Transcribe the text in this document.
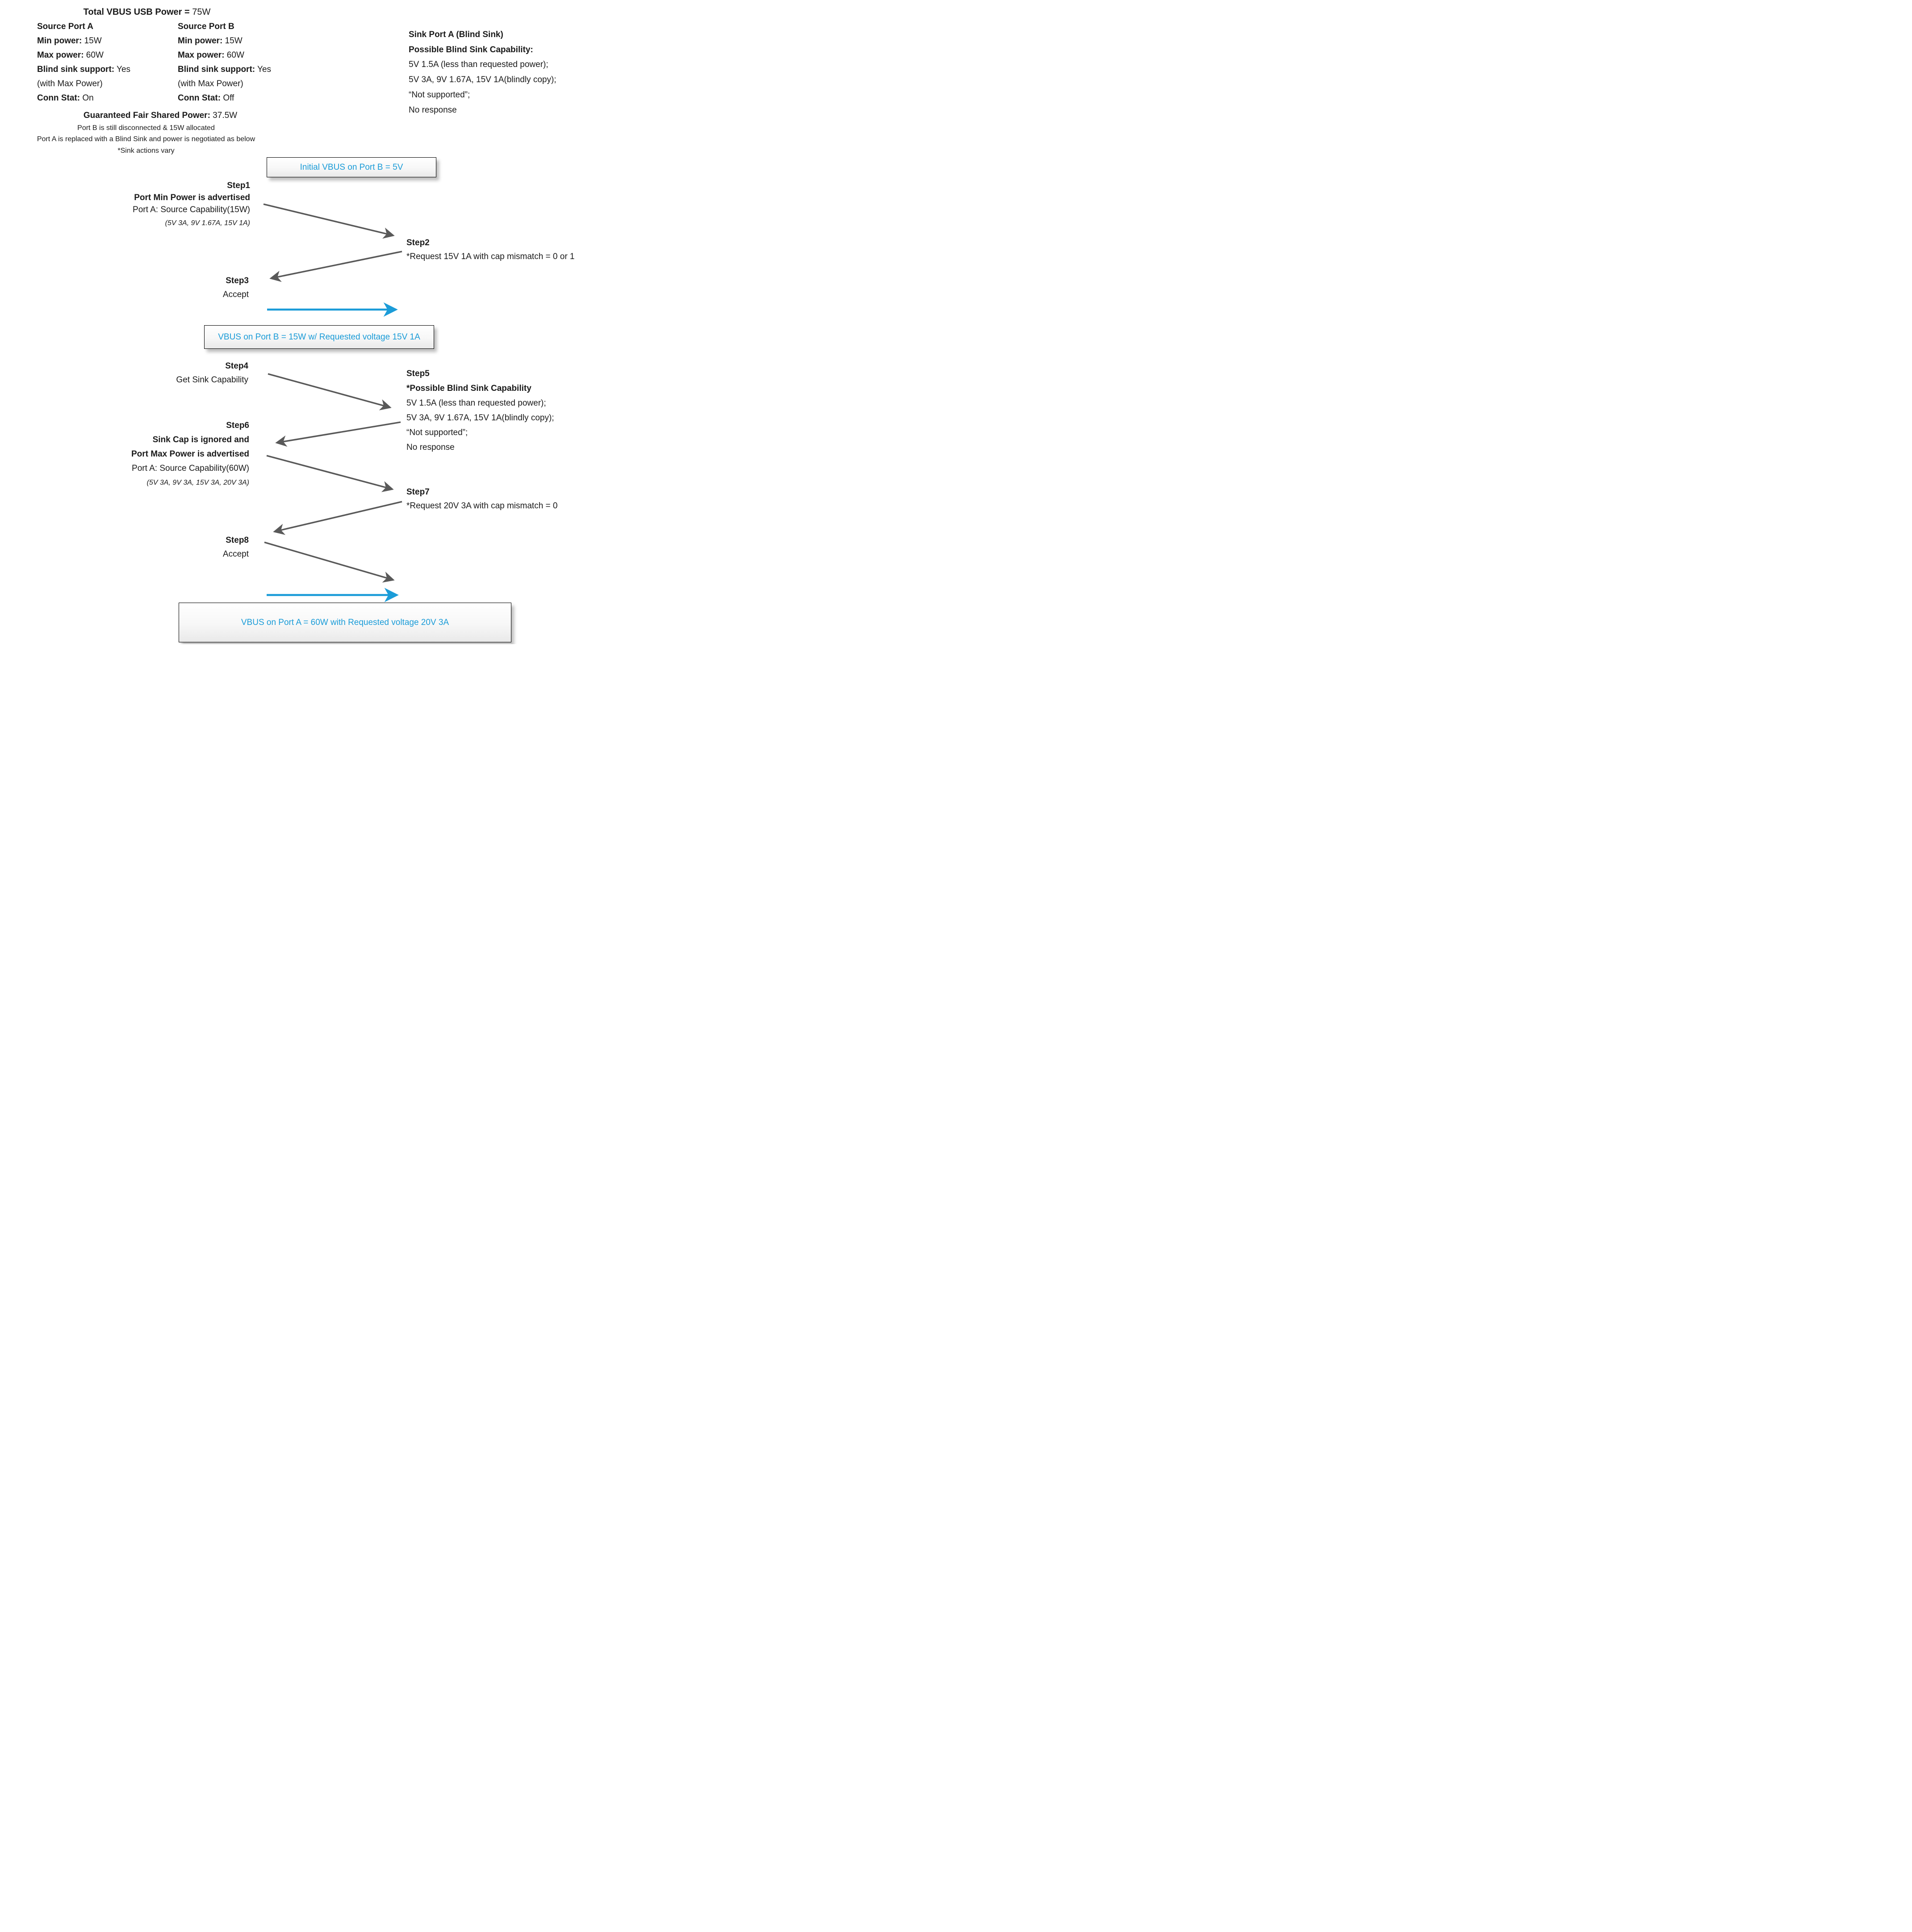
Total VBUS USB Power = 75W
Source Port A
Min power: 15W
Max power: 60W
Blind sink support: Yes
(with Max Power)
Conn Stat: On
Source Port B
Min power: 15W
Max power: 60W
Blind sink support: Yes
(with Max Power)
Conn Stat: Off
Guaranteed Fair Shared Power: 37.5W
Port B is still disconnected & 15W allocated
Port A is replaced with a Blind Sink and power is negotiated as below
*Sink actions vary
Sink Port A (Blind Sink)
Possible Blind Sink Capability:
5V 1.5A (less than requested power);
5V 3A, 9V 1.67A, 15V 1A(blindly copy);
“Not supported”;
No response
Initial VBUS on Port B = 5V
Step1
Port Min Power is advertised
Port A: Source Capability(15W)
(5V 3A, 9V 1.67A, 15V 1A)
Step2
*Request 15V 1A with cap mismatch = 0 or 1
Step3
Accept
VBUS on Port B = 15W w/ Requested voltage 15V 1A
Step4
Get Sink Capability
Step5
*Possible Blind Sink Capability
5V 1.5A (less than requested power);
5V 3A, 9V 1.67A, 15V 1A(blindly copy);
“Not supported”;
No response
Step6
Sink Cap is ignored and
Port Max Power is advertised
Port A: Source Capability(60W)
(5V 3A, 9V 3A, 15V 3A, 20V 3A)
Step7
*Request 20V 3A with cap mismatch = 0
Step8
Accept
VBUS on Port A = 60W with Requested voltage 20V 3A
